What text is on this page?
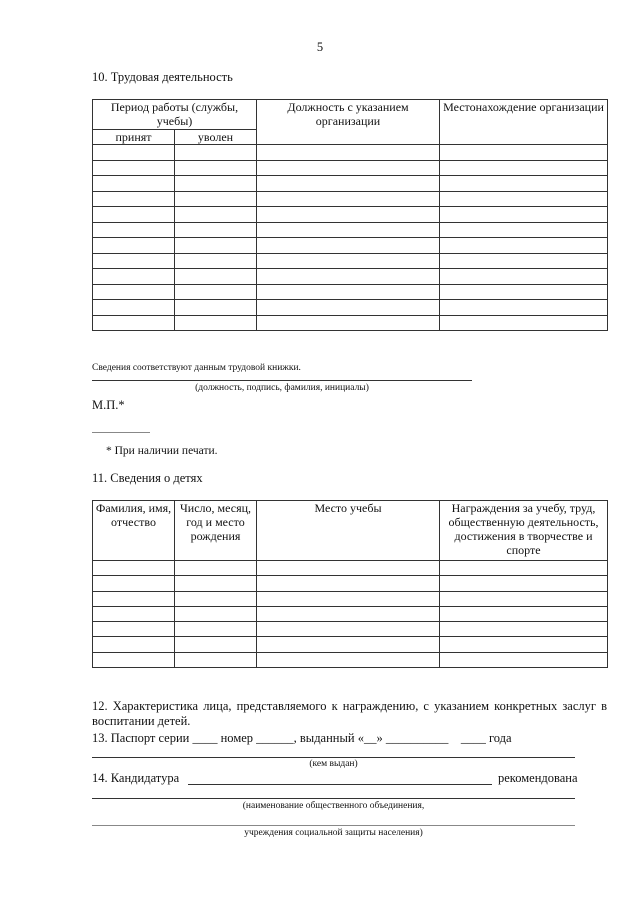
5
10. Трудовая деятельность
Период работы (службы, учебы)		Должность с указанием организации	Местонахождение организации
принят	уволен		

Сведения соответствуют данным трудовой книжки.
(должность, подпись, фамилия, инициалы)
М.П.*
* При наличии печати.
11. Сведения о детях
Фамилия, имя, отчество	Число, месяц, год и место рождения	Место учебы	Награждения за учебу, труд, общественную деятельность, достижения в творчестве и спорте

12. Характеристика лица, представляемого к награждению, с указанием конкретных заслуг в воспитании детей.
13. Паспорт серии ____ номер ______, выданный «__» __________    ____ года
(кем выдан)
14. Кандидатура	рекомендована
(наименование общественного объединения,
учреждения социальной защиты населения)
